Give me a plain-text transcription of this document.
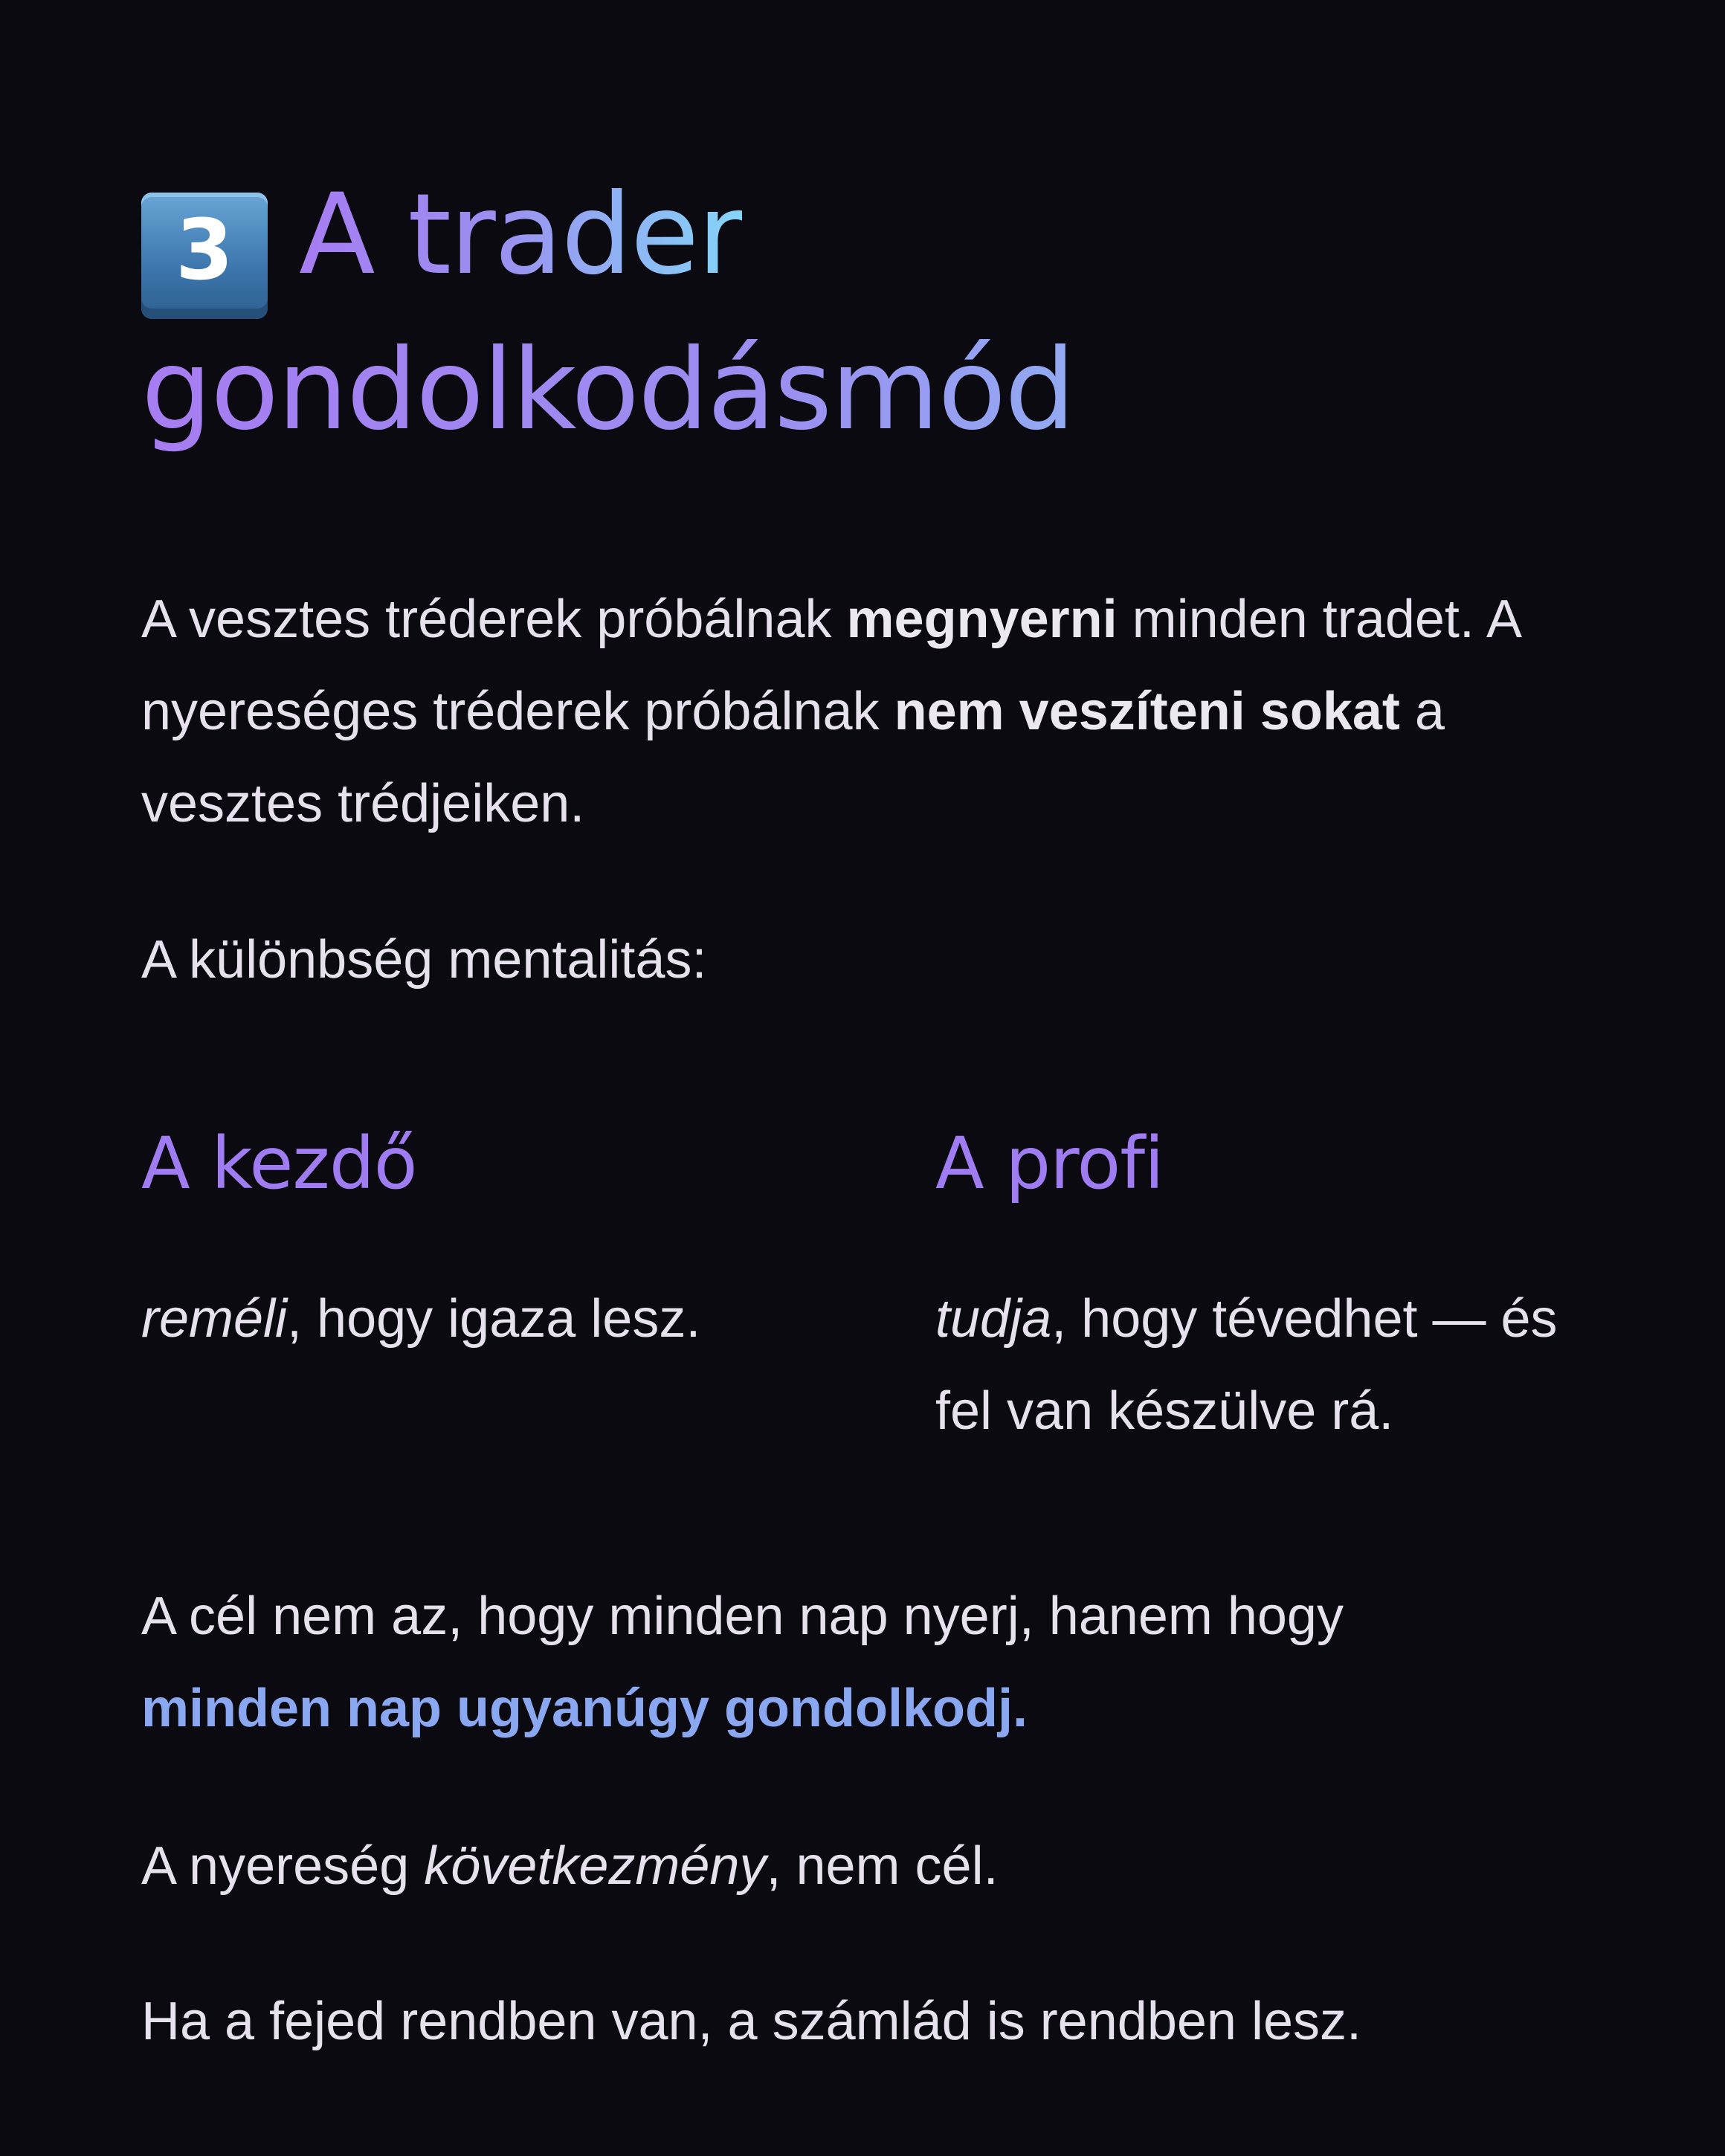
3 A trader
gondolkodásmód

A vesztes tréderek próbálnak megnyerni minden tradet. A nyereséges tréderek próbálnak nem veszíteni sokat a vesztes trédjeiken.

A különbség mentalitás:

A kezdő	A profi

reméli, hogy igaza lesz.	tudja, hogy tévedhet — és fel van készülve rá.

A cél nem az, hogy minden nap nyerj, hanem hogy minden nap ugyanúgy gondolkodj.

A nyereség következmény, nem cél.

Ha a fejed rendben van, a számlád is rendben lesz.
